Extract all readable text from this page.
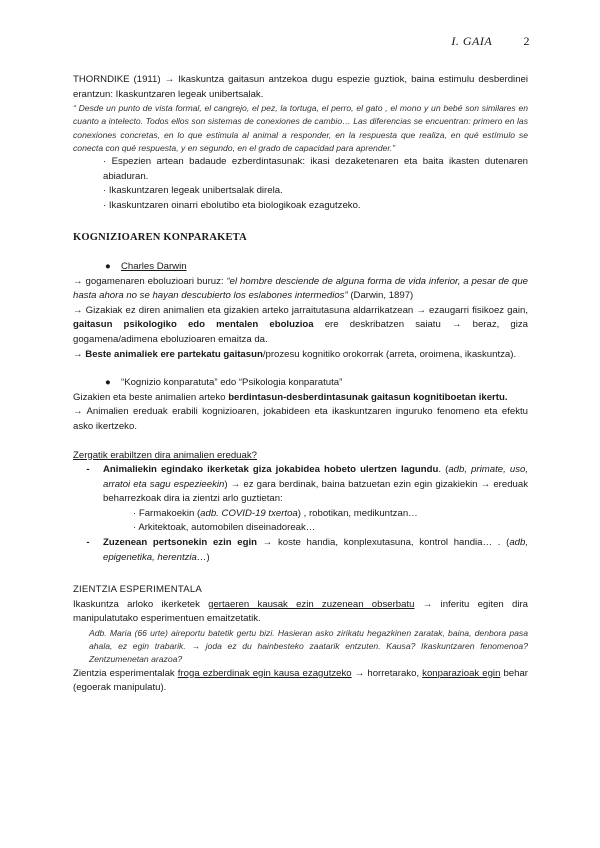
I. GAIA	2

THORNDIKE (1911) → Ikaskuntza gaitasun antzekoa dugu espezie guztiok, baina estimulu desberdinei erantzun: Ikaskuntzaren legeak unibertsalak.

“ Desde un punto de vista formal, el cangrejo, el pez, la tortuga, el perro, el gato , el mono y un bebé son similares en cuanto a intelecto. Todos ellos son sistemas de conexiones de cambio… Las diferencias se encuentran: primero en las conexiones concretas, en lo que estimula al animal a responder, en la respuesta que realiza, en qué estímulo se conecta con qué respuesta, y en segundo, en el grado de capacidad para aprender.”

· Espezien artean badaude ezberdintasunak: ikasi dezaketenaren eta baita ikasten dutenaren abiaduran.

· Ikaskuntzaren legeak unibertsalak direla.

· Ikaskuntzaren oinarri ebolutibo eta biologikoak ezagutzeko.

KOGNIZIOAREN KONPARAKETA

● Charles Darwin

→ gogamenaren eboluzioari buruz: “el hombre desciende de alguna forma de vida inferior, a pesar de que hasta ahora no se hayan descubierto los eslabones intermedios” (Darwin, 1897)

→ Gizakiak ez diren animalien eta gizakien arteko jarraitutasuna aldarrikatzean → ezaugarri fisikoez gain, gaitasun psikologiko edo mentalen eboluzioa ere deskribatzen saiatu → beraz, giza gogamena/adimena eboluzioaren emaitza da.

→ Beste animaliek ere partekatu gaitasun/prozesu kognitiko orokorrak (arreta, oroimena, ikaskuntza).

● “Kognizio konparatuta” edo “Psikologia konparatuta”

Gizakien eta beste animalien arteko berdintasun-desberdintasunak gaitasun kognitiboetan ikertu.

→ Animalien ereduak erabili kognizioaren, jokabideen eta ikaskuntzaren inguruko fenomeno eta efektu asko ikertzeko.

Zergatik erabiltzen dira animalien ereduak?

-	Animaliekin egindako ikerketak giza jokabidea hobeto ulertzen lagundu. (adb, primate, uso, arratoi eta sagu espezieekin) → ez gara berdinak, baina batzuetan ezin egin gizakiekin → ereduak beharrezkoak dira ia zientzi arlo guztietan:

· Farmakoekin (adb. COVID-19 txertoa) , robotikan, medikuntzan…

· Arkitektoak, automobilen diseinadoreak…

-	Zuzenean pertsonekin ezin egin → koste handia, konplexutasuna, kontrol handia… . (adb, epigenetika, herentzia…)

ZIENTZIA ESPERIMENTALA

Ikaskuntza arloko ikerketek gertaeren kausak ezin zuzenean obserbatu → inferitu egiten dira manipulatutako esperimentuen emaitzetatik.

Adb. Maria (66 urte) aireportu batetik gertu bizi. Hasieran asko zirikatu hegazkinen zaratak, baina, denbora pasa ahala, ez egin trabarik. → joda ez du hainbesteko zaatarik entzuten. Kausa? Ikaskuntzaren fenomenoa? Zentzumenetan arazoa?

Zientzia esperimentalak froga ezberdinak egin kausa ezagutzeko → horretarako, konparazioak egin behar (egoerak manipulatu).
